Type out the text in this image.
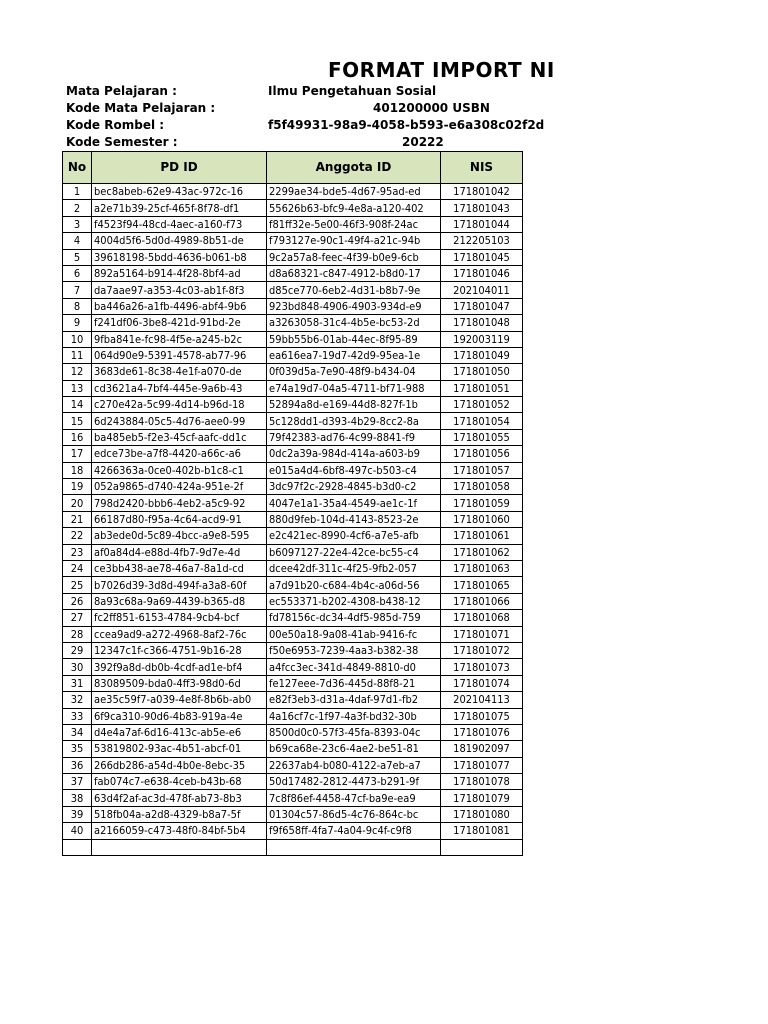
FORMAT IMPORT NI
Mata Pelajaran :	Ilmu Pengetahuan Sosial
Kode Mata Pelajaran :	401200000 USBN
Kode Rombel :	f5f49931-98a9-4058-b593-e6a308c02f2d
Kode Semester :	20222
No	PD ID	Anggota ID	NIS
1	bec8abeb-62e9-43ac-972c-16	2299ae34-bde5-4d67-95ad-ed	171801042
2	a2e71b39-25cf-465f-8f78-df1	55626b63-bfc9-4e8a-a120-402	171801043
3	f4523f94-48cd-4aec-a160-f73	f81ff32e-5e00-46f3-908f-24ac	171801044
4	4004d5f6-5d0d-4989-8b51-de	f793127e-90c1-49f4-a21c-94b	212205103
5	39618198-5bdd-4636-b061-b8	9c2a57a8-feec-4f39-b0e9-6cb	171801045
6	892a5164-b914-4f28-8bf4-ad	d8a68321-c847-4912-b8d0-17	171801046
7	da7aae97-a353-4c03-ab1f-8f3	d85ce770-6eb2-4d31-b8b7-9e	202104011
8	ba446a26-a1fb-4496-abf4-9b6	923bd848-4906-4903-934d-e9	171801047
9	f241df06-3be8-421d-91bd-2e	a3263058-31c4-4b5e-bc53-2d	171801048
10	9fba841e-fc98-4f5e-a245-b2c	59bb55b6-01ab-44ec-8f95-89	192003119
11	064d90e9-5391-4578-ab77-96	ea616ea7-19d7-42d9-95ea-1e	171801049
12	3683de61-8c38-4e1f-a070-de	0f039d5a-7e90-48f9-b434-04	171801050
13	cd3621a4-7bf4-445e-9a6b-43	e74a19d7-04a5-4711-bf71-988	171801051
14	c270e42a-5c99-4d14-b96d-18	52894a8d-e169-44d8-827f-1b	171801052
15	6d243884-05c5-4d76-aee0-99	5c128dd1-d393-4b29-8cc2-8a	171801054
16	ba485eb5-f2e3-45cf-aafc-dd1c	79f42383-ad76-4c99-8841-f9	171801055
17	edce73be-a7f8-4420-a66c-a6	0dc2a39a-984d-414a-a603-b9	171801056
18	4266363a-0ce0-402b-b1c8-c1	e015a4d4-6bf8-497c-b503-c4	171801057
19	052a9865-d740-424a-951e-2f	3dc97f2c-2928-4845-b3d0-c2	171801058
20	798d2420-bbb6-4eb2-a5c9-92	4047e1a1-35a4-4549-ae1c-1f	171801059
21	66187d80-f95a-4c64-acd9-91	880d9feb-104d-4143-8523-2e	171801060
22	ab3ede0d-5c89-4bcc-a9e8-595	e2c421ec-8990-4cf6-a7e5-afb	171801061
23	af0a84d4-e88d-4fb7-9d7e-4d	b6097127-22e4-42ce-bc55-c4	171801062
24	ce3bb438-ae78-46a7-8a1d-cd	dcee42df-311c-4f25-9fb2-057	171801063
25	b7026d39-3d8d-494f-a3a8-60f	a7d91b20-c684-4b4c-a06d-56	171801065
26	8a93c68a-9a69-4439-b365-d8	ec553371-b202-4308-b438-12	171801066
27	fc2ff851-6153-4784-9cb4-bcf	fd78156c-dc34-4df5-985d-759	171801068
28	ccea9ad9-a272-4968-8af2-76c	00e50a18-9a08-41ab-9416-fc	171801071
29	12347c1f-c366-4751-9b16-28	f50e6953-7239-4aa3-b382-38	171801072
30	392f9a8d-db0b-4cdf-ad1e-bf4	a4fcc3ec-341d-4849-8810-d0	171801073
31	83089509-bda0-4ff3-98d0-6d	fe127eee-7d36-445d-88f8-21	171801074
32	ae35c59f7-a039-4e8f-8b6b-ab0	e82f3eb3-d31a-4daf-97d1-fb2	202104113
33	6f9ca310-90d6-4b83-919a-4e	4a16cf7c-1f97-4a3f-bd32-30b	171801075
34	d4e4a7af-6d16-413c-ab5e-e6	8500d0c0-57f3-45fa-8393-04c	171801076
35	53819802-93ac-4b51-abcf-01	b69ca68e-23c6-4ae2-be51-81	181902097
36	266db286-a54d-4b0e-8ebc-35	22637ab4-b080-4122-a7eb-a7	171801077
37	fab074c7-e638-4ceb-b43b-68	50d17482-2812-4473-b291-9f	171801078
38	63d4f2af-ac3d-478f-ab73-8b3	7c8f86ef-4458-47cf-ba9e-ea9	171801079
39	518fb04a-a2d8-4329-b8a7-5f	01304c57-86d5-4c76-864c-bc	171801080
40	a2166059-c473-48f0-84bf-5b4	f9f658ff-4fa7-4a04-9c4f-c9f8	171801081
